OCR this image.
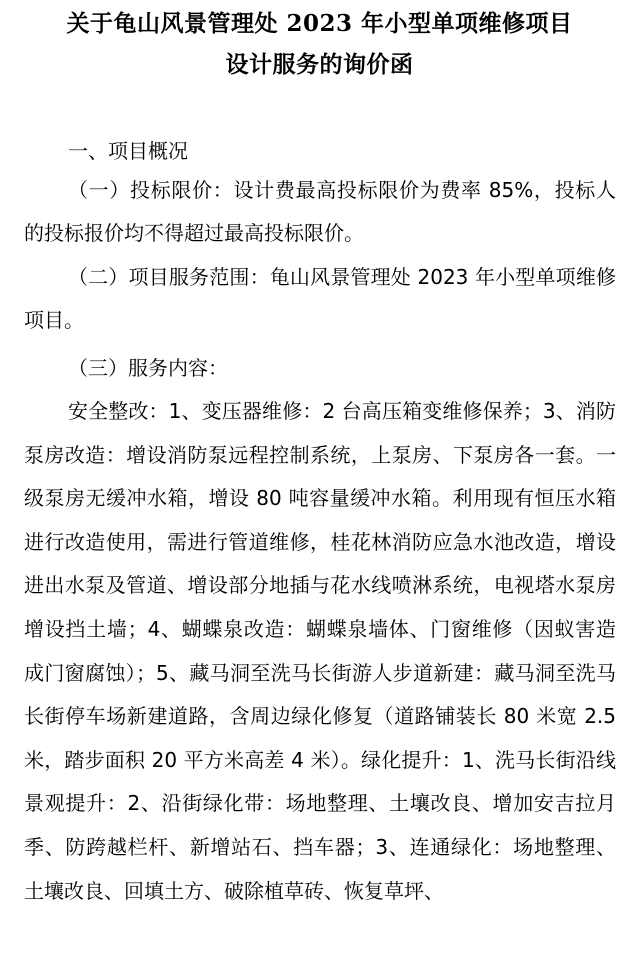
关于龟山风景管理处 2023 年小型单项维修项目
设计服务的询价函
一、项目概况

（一）投标限价：设计费最高投标限价为费率 85%，投标人的投标报价均不得超过最高投标限价。

（二）项目服务范围：龟山风景管理处 2023 年小型单项维修项目。

（三）服务内容：

安全整改：1、变压器维修：2 台高压箱变维修保养；3、消防泵房改造：增设消防泵远程控制系统，上泵房、下泵房各一套。一级泵房无缓冲水箱，增设 80 吨容量缓冲水箱。利用现有恒压水箱进行改造使用，需进行管道维修，桂花林消防应急水池改造，增设进出水泵及管道、增设部分地插与花水线喷淋系统，电视塔水泵房增设挡土墙；4、蝴蝶泉改造：蝴蝶泉墙体、门窗维修（因蚁害造成门窗腐蚀）；5、藏马洞至洗马长街游人步道新建：藏马洞至洗马长街停车场新建道路，含周边绿化修复（道路铺装长 80 米宽 2.5 米，踏步面积 20 平方米高差 4 米）。绿化提升：1、洗马长街沿线景观提升：2、沿街绿化带：场地整理、土壤改良、增加安吉拉月季、防跨越栏杆、新增站石、挡车器；3、连通绿化：场地整理、土壤改良、回填土方、破除植草砖、恢复草坪、
